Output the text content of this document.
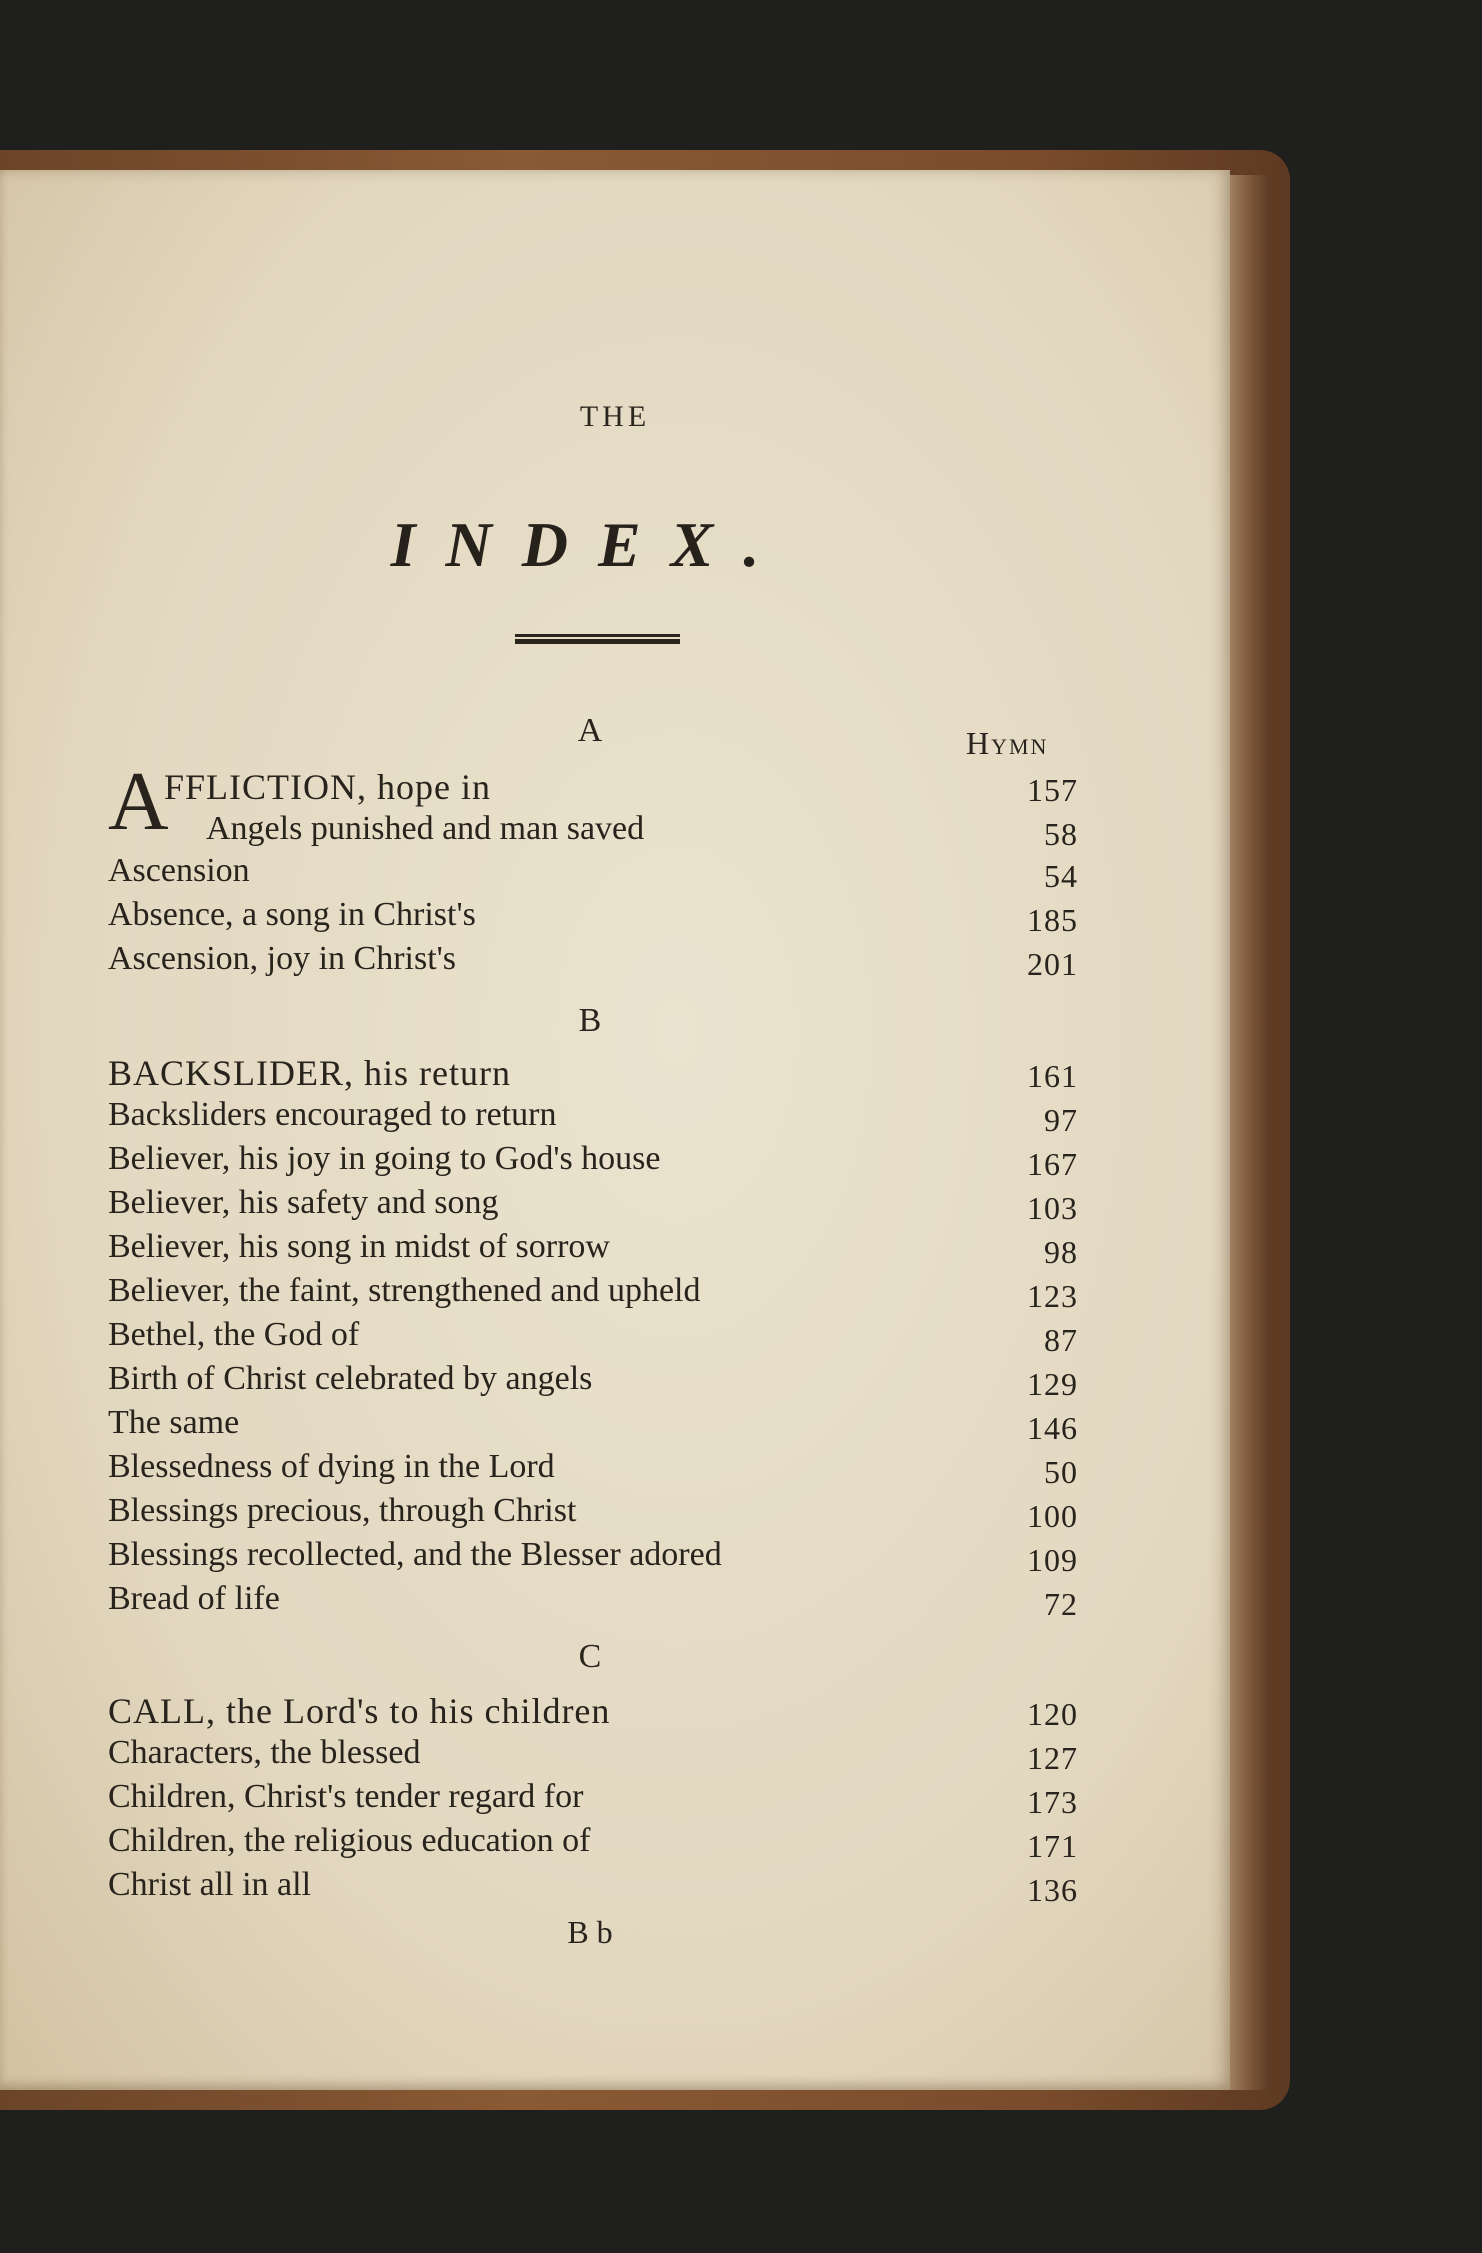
THE
INDEX.
Hymn
A
A
FFLICTION, hope in	157
Angels punished and man saved	58
Ascension	54
Absence, a song in Christ's	185
Ascension, joy in Christ's	201
B
BACKSLIDER, his return	161
Backsliders encouraged to return	97
Believer, his joy in going to God's house	167
Believer, his safety and song	103
Believer, his song in midst of sorrow	98
Believer, the faint, strengthened and upheld	123
Bethel, the God of	87
Birth of Christ celebrated by angels	129
The same	146
Blessedness of dying in the Lord	50
Blessings precious, through Christ	100
Blessings recollected, and the Blesser adored	109
Bread of life	72
C
CALL, the Lord's to his children	120
Characters, the blessed	127
Children, Christ's tender regard for	173
Children, the religious education of	171
Christ all in all	136
B b
